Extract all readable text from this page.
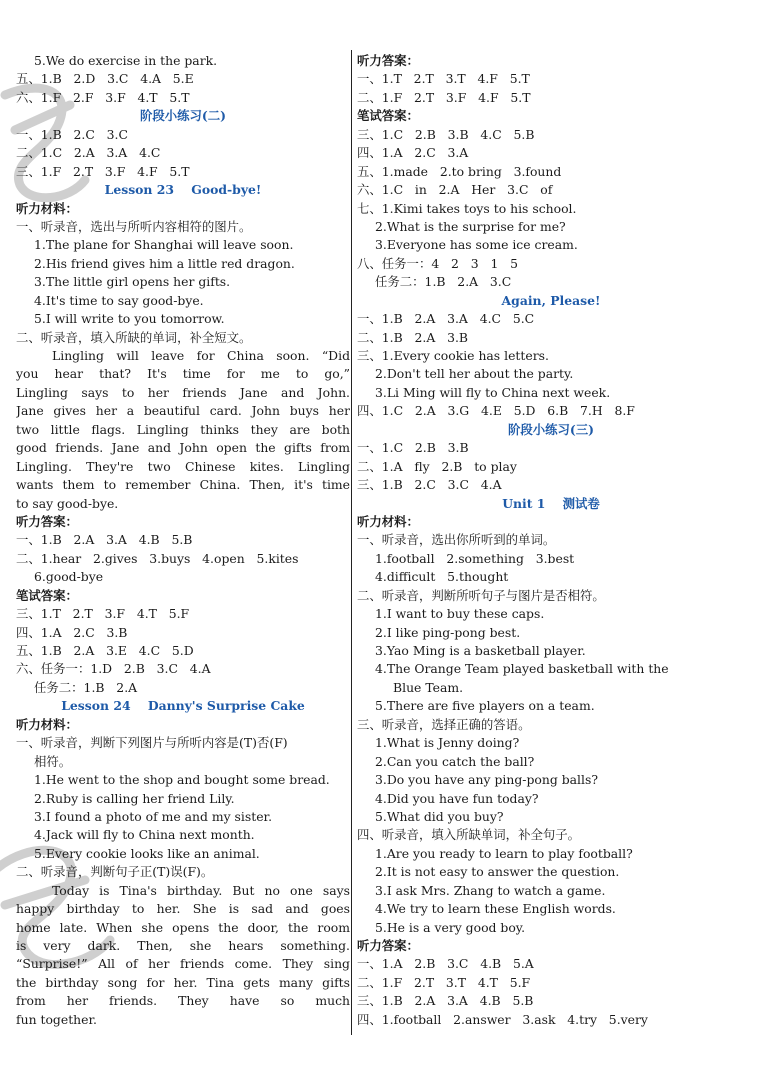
5.We do exercise in the park.
五、1.B   2.D   3.C   4.A   5.E
六、1.F   2.F   3.F   4.T   5.T
阶段小练习(二)
一、1.B   2.C   3.C
二、1.C   2.A   3.A   4.C
三、1.F   2.T   3.F   4.F   5.T
Lesson 23    Good-bye!
听力材料：
一、听录音，选出与所听内容相符的图片。
1.The plane for Shanghai will leave soon.
2.His friend gives him a little red dragon.
3.The little girl opens her gifts.
4.It's time to say good-bye.
5.I will write to you tomorrow.
二、听录音，填入所缺的单词，补全短文。
Lingling will leave for China soon. “Did
you hear that? It's time for me to go,”
Lingling says to her friends Jane and John.
Jane gives her a beautiful card. John buys her
two little flags. Lingling thinks they are both
good friends. Jane and John open the gifts from
Lingling. They're two Chinese kites. Lingling
wants them to remember China. Then, it's time
to say good-bye.
听力答案：
一、1.B   2.A   3.A   4.B   5.B
二、1.hear   2.gives   3.buys   4.open   5.kites
6.good-bye
笔试答案：
三、1.T   2.T   3.F   4.T   5.F
四、1.A   2.C   3.B
五、1.B   2.A   3.E   4.C   5.D
六、任务一：1.D   2.B   3.C   4.A
任务二：1.B   2.A
Lesson 24    Danny's Surprise Cake
听力材料：
一、听录音，判断下列图片与所听内容是(T)否(F)
相符。
1.He went to the shop and bought some bread.
2.Ruby is calling her friend Lily.
3.I found a photo of me and my sister.
4.Jack will fly to China next month.
5.Every cookie looks like an animal.
二、听录音，判断句子正(T)误(F)。
Today is Tina's birthday. But no one says
happy birthday to her. She is sad and goes
home late. When she opens the door, the room
is very dark. Then, she hears something.
“Surprise!” All of her friends come. They sing
the birthday song for her. Tina gets many gifts
from her friends. They have so much
fun together.
听力答案：
一、1.T   2.T   3.T   4.F   5.T
二、1.F   2.T   3.F   4.F   5.T
笔试答案：
三、1.C   2.B   3.B   4.C   5.B
四、1.A   2.C   3.A
五、1.made   2.to bring   3.found
六、1.C   in   2.A   Her   3.C   of
七、1.Kimi takes toys to his school.
2.What is the surprise for me?
3.Everyone has some ice cream.
八、任务一：4   2   3   1   5
任务二：1.B   2.A   3.C
Again, Please!
一、1.B   2.A   3.A   4.C   5.C
二、1.B   2.A   3.B
三、1.Every cookie has letters.
2.Don't tell her about the party.
3.Li Ming will fly to China next week.
四、1.C   2.A   3.G   4.E   5.D   6.B   7.H   8.F
阶段小练习(三)
一、1.C   2.B   3.B
二、1.A   fly   2.B   to play
三、1.B   2.C   3.C   4.A
Unit 1    测试卷
听力材料：
一、听录音，选出你所听到的单词。
1.football   2.something   3.best
4.difficult   5.thought
二、听录音，判断所听句子与图片是否相符。
1.I want to buy these caps.
2.I like ping-pong best.
3.Yao Ming is a basketball player.
4.The Orange Team played basketball with the
Blue Team.
5.There are five players on a team.
三、听录音，选择正确的答语。
1.What is Jenny doing?
2.Can you catch the ball?
3.Do you have any ping-pong balls?
4.Did you have fun today?
5.What did you buy?
四、听录音，填入所缺单词，补全句子。
1.Are you ready to learn to play football?
2.It is not easy to answer the question.
3.I ask Mrs. Zhang to watch a game.
4.We try to learn these English words.
5.He is a very good boy.
听力答案：
一、1.A   2.B   3.C   4.B   5.A
二、1.F   2.T   3.T   4.T   5.F
三、1.B   2.A   3.A   4.B   5.B
四、1.football   2.answer   3.ask   4.try   5.very
